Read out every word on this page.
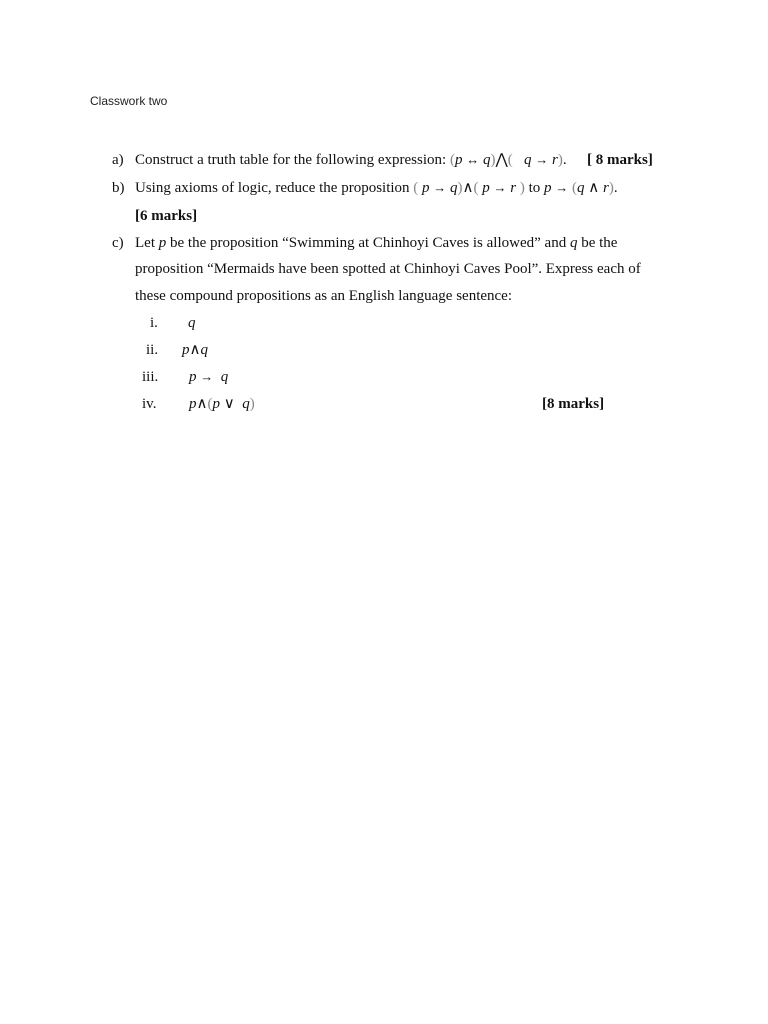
Classwork two
a) Construct a truth table for the following expression: (p ↔ q)⋀( q → r). [ 8 marks]
b) Using axioms of logic, reduce the proposition ( p → q)∧( p → r ) to p → (q ∧ r).
[6 marks]
c) Let p be the proposition “Swimming at Chinhoyi Caves is allowed” and q be the
proposition “Mermaids have been spotted at Chinhoyi Caves Pool”. Express each of
these compound propositions as an English language sentence:
i. q
ii. p∧q
iii. p → q
iv. p∧(p ∨ q)	[8 marks]
